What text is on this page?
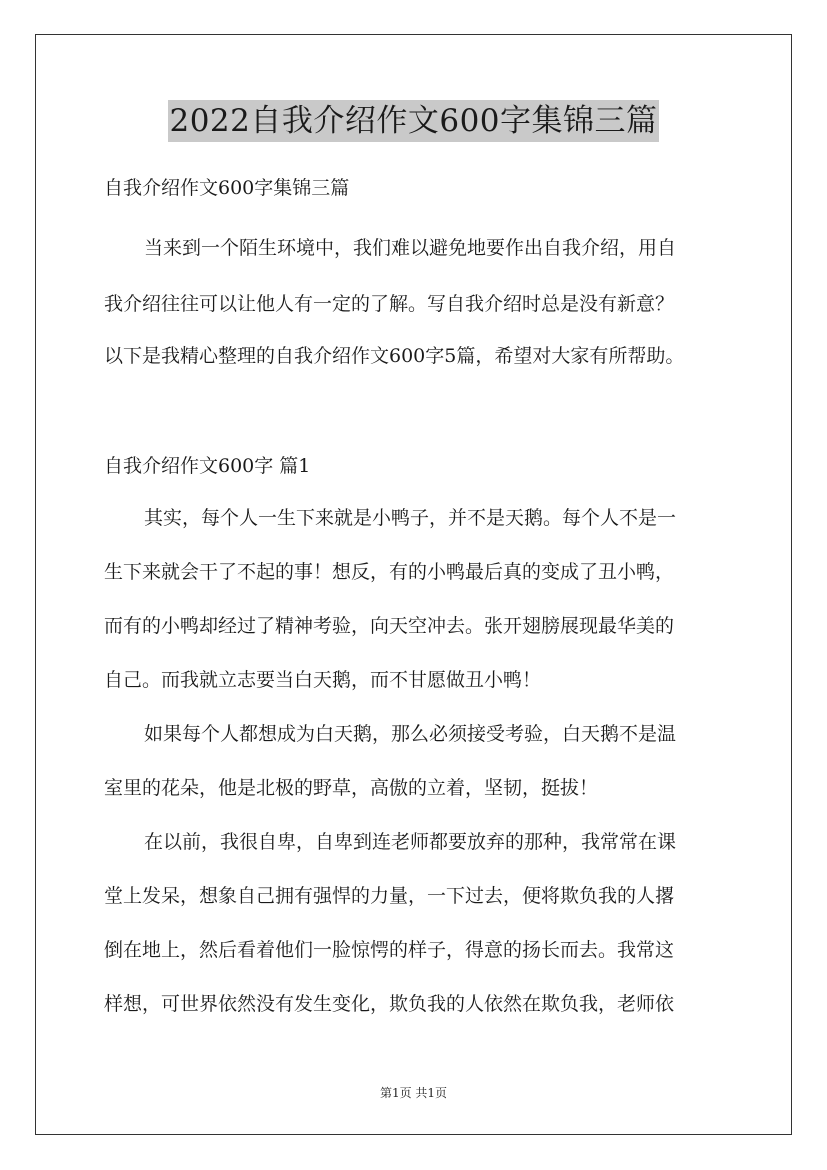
2022自我介绍作文600字集锦三篇
自我介绍作文600字集锦三篇
当来到一个陌生环境中，我们难以避免地要作出自我介绍，用自
我介绍往往可以让他人有一定的了解。写自我介绍时总是没有新意？
以下是我精心整理的自我介绍作文600字5篇，希望对大家有所帮助。
自我介绍作文600字 篇1
其实，每个人一生下来就是小鸭子，并不是天鹅。每个人不是一
生下来就会干了不起的事！想反，有的小鸭最后真的变成了丑小鸭，
而有的小鸭却经过了精神考验，向天空冲去。张开翅膀展现最华美的
自己。而我就立志要当白天鹅，而不甘愿做丑小鸭！
如果每个人都想成为白天鹅，那么必须接受考验，白天鹅不是温
室里的花朵，他是北极的野草，高傲的立着，坚韧，挺拔！
在以前，我很自卑，自卑到连老师都要放弃的那种，我常常在课
堂上发呆，想象自己拥有强悍的力量，一下过去，便将欺负我的人撂
倒在地上，然后看着他们一脸惊愕的样子，得意的扬长而去。我常这
样想，可世界依然没有发生变化，欺负我的人依然在欺负我，老师依
第1页 共1页
